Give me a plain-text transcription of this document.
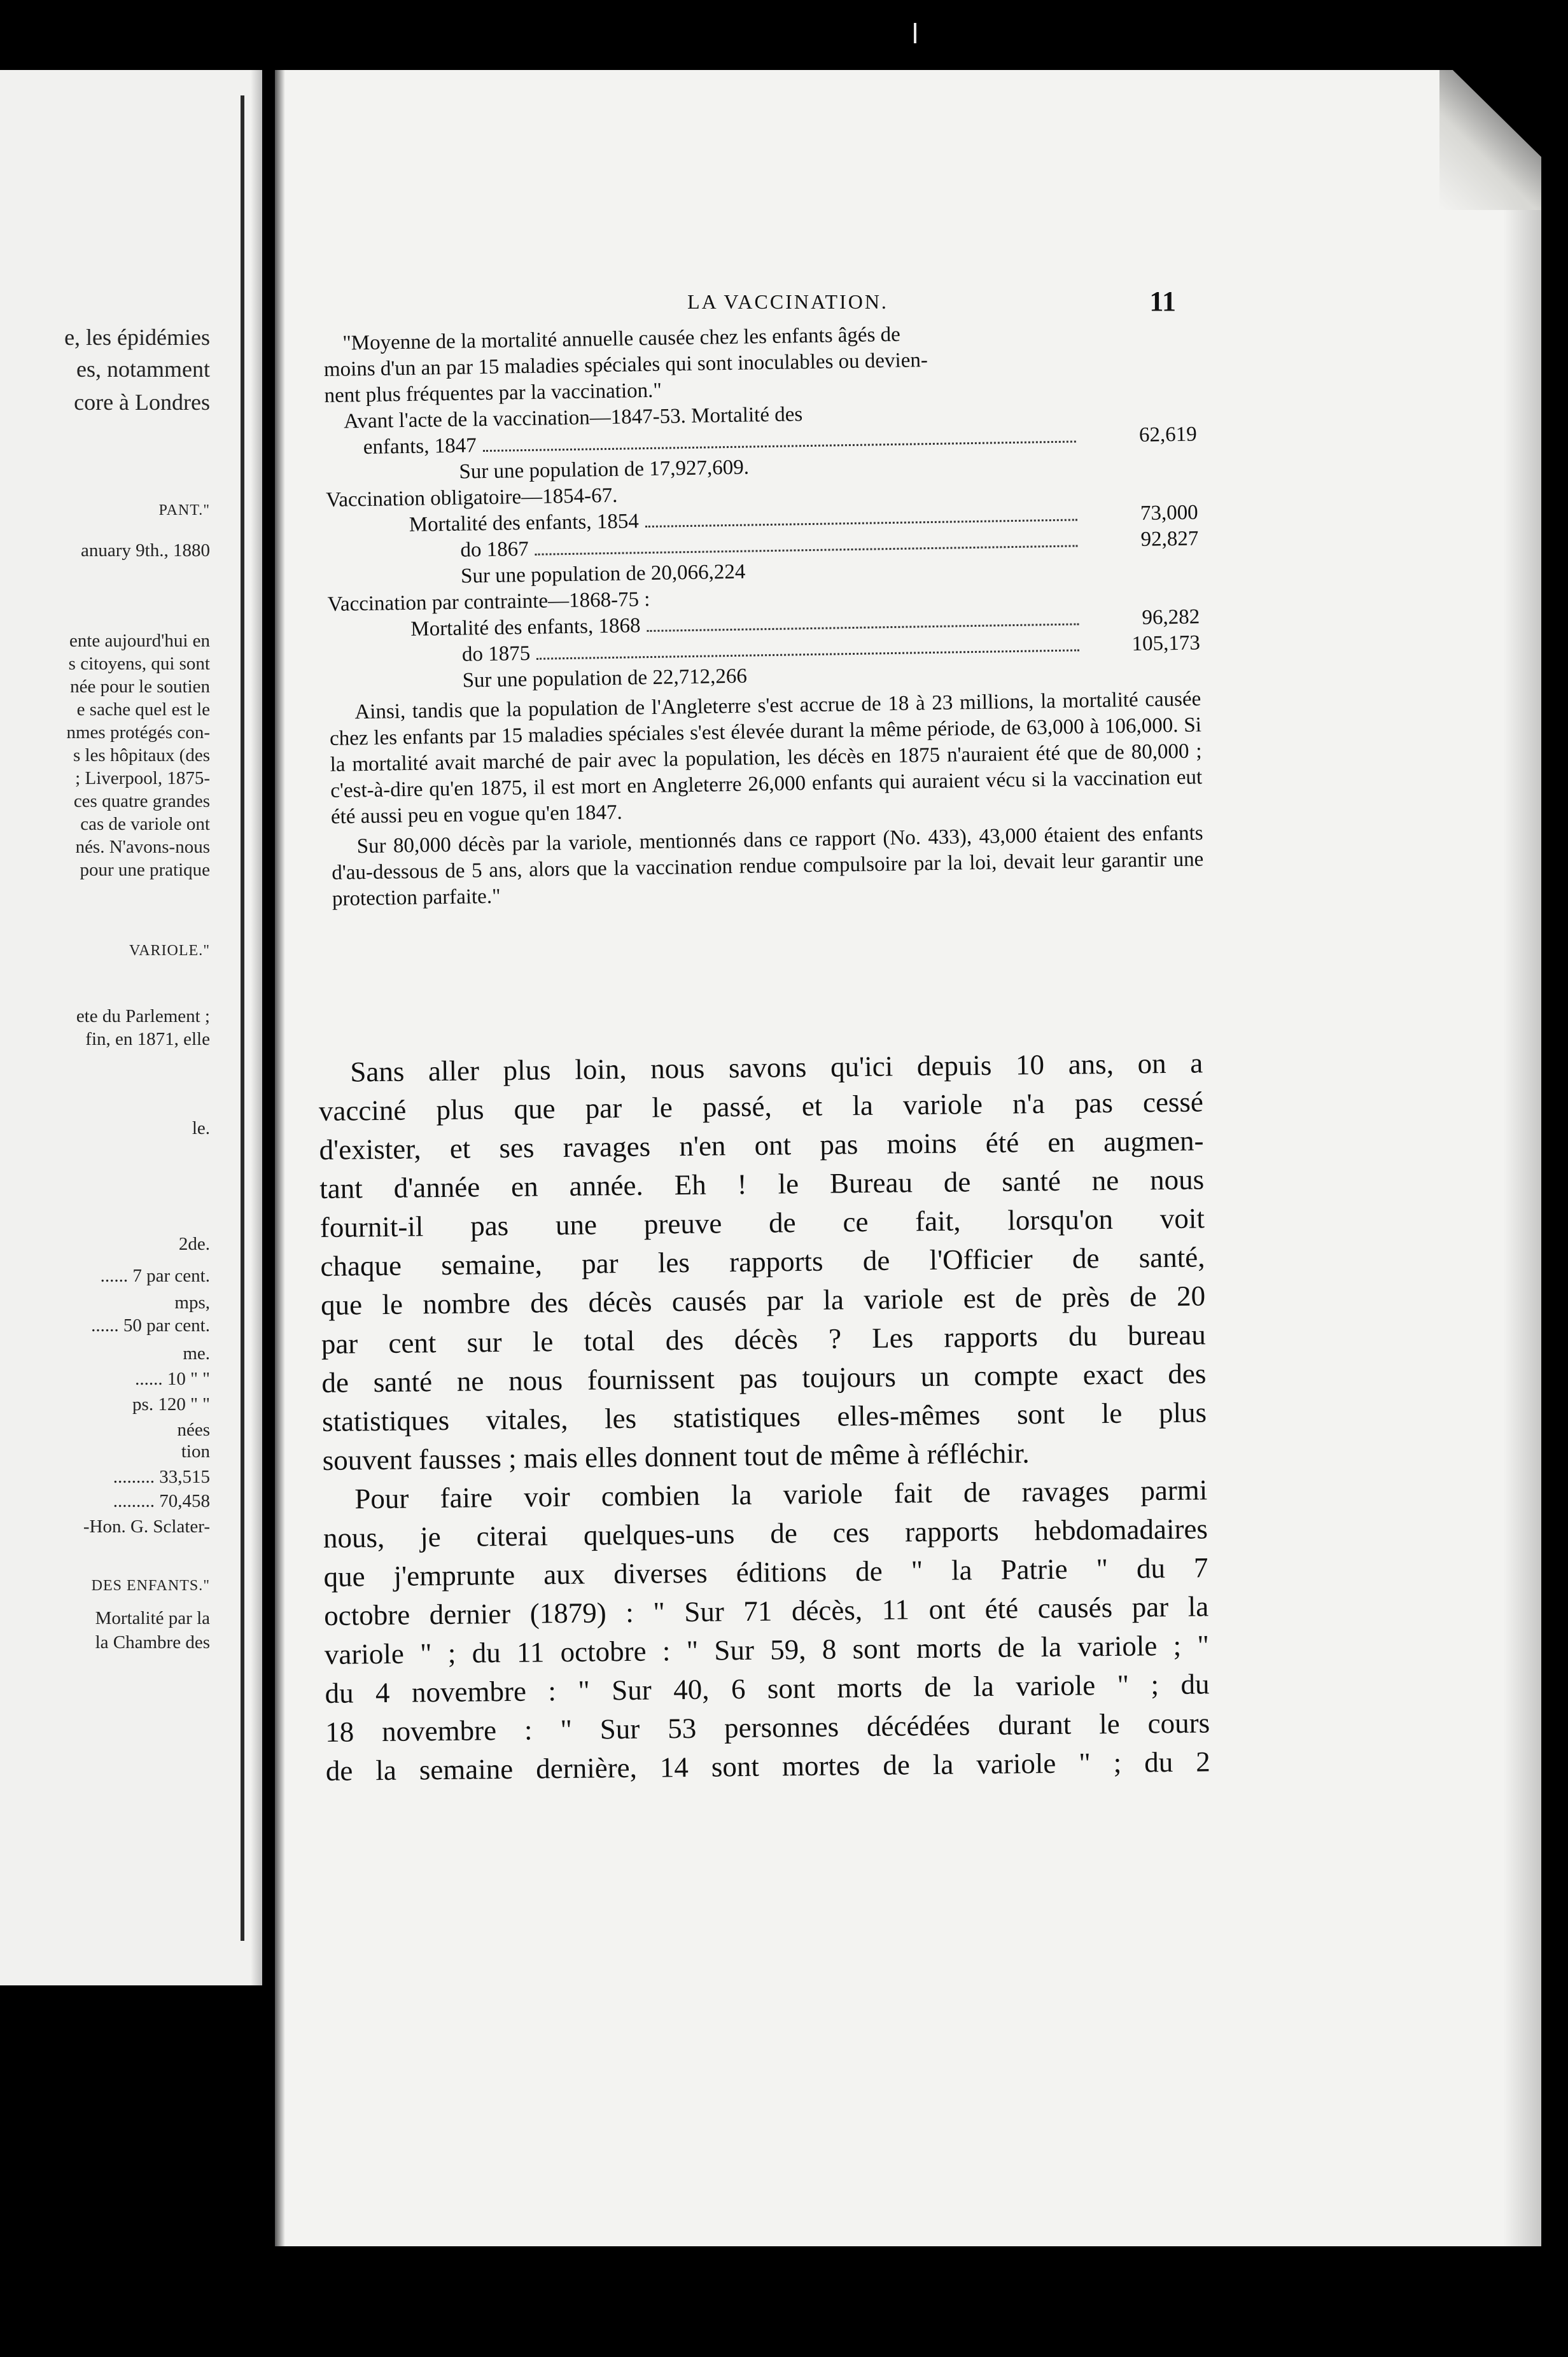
e, les épidémies
es, notamment
core à Londres
PANT."
anuary 9th., 1880
ente aujourd'hui en
s citoyens, qui sont
née pour le soutien
e sache quel est le
nmes protégés con-
s les hôpitaux (des
; Liverpool, 1875-
ces quatre grandes
cas de variole ont
nés. N'avons-nous
pour une pratique
VARIOLE."
ete du Parlement ;
fin, en 1871, elle
le.
2de.
...... 7 par cent.
mps,
...... 50 par cent.
me.
...... 10 " "
ps. 120 " "
nées
tion
......... 33,515
......... 70,458
-Hon. G. Sclater-
DES ENFANTS."
Mortalité par la
la Chambre des
LA VACCINATION.	11
"Moyenne de la mortalité annuelle causée chez les enfants âgés de
moins d'un an par 15 maladies spéciales qui sont inoculables ou devien-
nent plus fréquentes par la vaccination."
Avant l'acte de la vaccination—1847-53. Mortalité des
enfants, 1847	62,619
Sur une population de 17,927,609.
Vaccination obligatoire—1854-67.
Mortalité des enfants, 1854	73,000
do 1867	92,827
Sur une population de 20,066,224
Vaccination par contrainte—1868-75 :
Mortalité des enfants, 1868	96,282
do 1875	105,173
Sur une population de 22,712,266

Ainsi, tandis que la population de l'Angleterre s'est accrue de 18 à 23 millions, la mortalité causée chez les enfants par 15 maladies spéciales s'est élevée durant la même période, de 63,000 à 106,000. Si la mortalité avait marché de pair avec la population, les décès en 1875 n'auraient été que de 80,000 ; c'est-à-dire qu'en 1875, il est mort en Angleterre 26,000 enfants qui auraient vécu si la vaccination eut été aussi peu en vogue qu'en 1847.

Sur 80,000 décès par la variole, mentionnés dans ce rapport (No. 433), 43,000 étaient des enfants d'au-dessous de 5 ans, alors que la vaccination rendue compulsoire par la loi, devait leur garantir une protection parfaite."

Sans aller plus loin, nous savons qu'ici depuis 10 ans, on a
vacciné plus que par le passé, et la variole n'a pas cessé
d'exister, et ses ravages n'en ont pas moins été en augmen-
tant d'année en année. Eh ! le Bureau de santé ne nous
fournit-il pas une preuve de ce fait, lorsqu'on voit
chaque semaine, par les rapports de l'Officier de santé,
que le nombre des décès causés par la variole est de près de 20
par cent sur le total des décès ? Les rapports du bureau
de santé ne nous fournissent pas toujours un compte exact des
statistiques vitales, les statistiques elles-mêmes sont le plus
souvent fausses ; mais elles donnent tout de même à réfléchir.
Pour faire voir combien la variole fait de ravages parmi
nous, je citerai quelques-uns de ces rapports hebdomadaires
que j'emprunte aux diverses éditions de " la Patrie " du 7
octobre dernier (1879) : " Sur 71 décès, 11 ont été causés par la
variole " ; du 11 octobre : " Sur 59, 8 sont morts de la variole ; "
du 4 novembre : " Sur 40, 6 sont morts de la variole " ; du
18 novembre : " Sur 53 personnes décédées durant le cours
de la semaine dernière, 14 sont mortes de la variole " ; du 2
